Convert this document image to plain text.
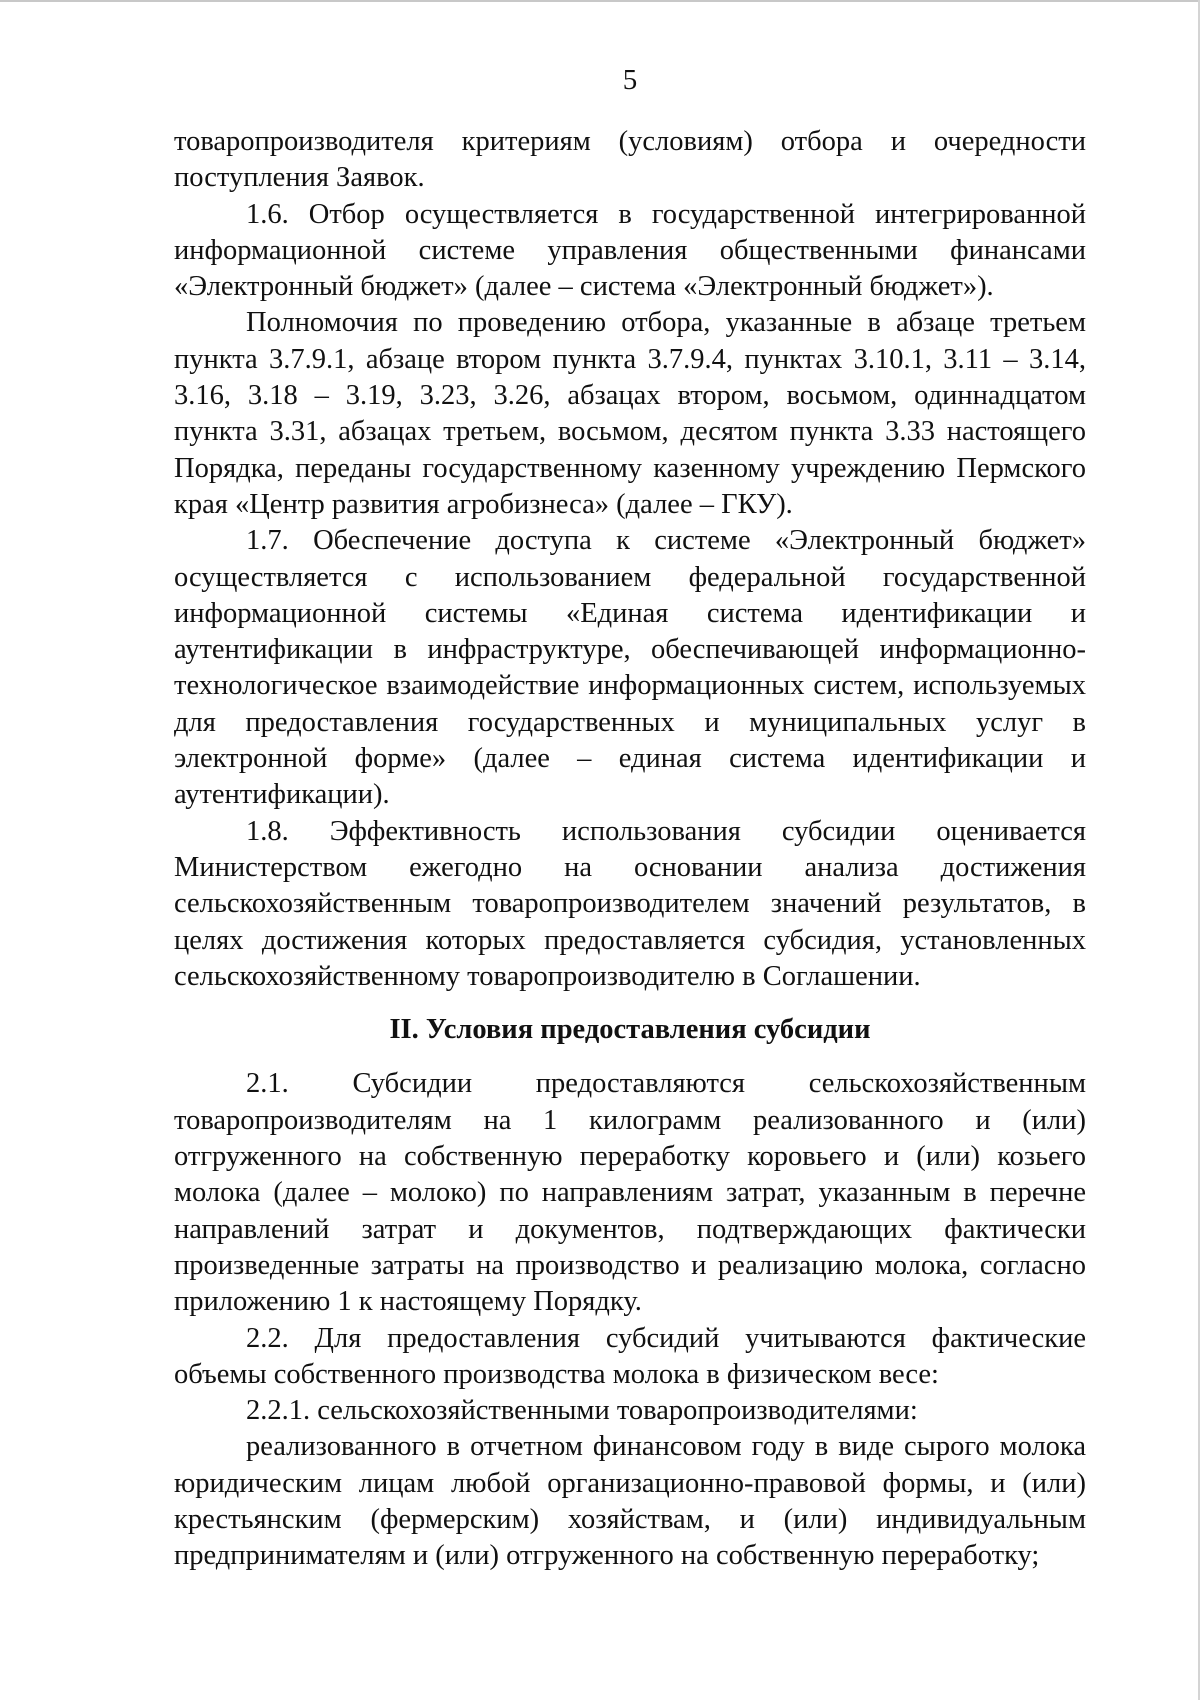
5

товаропроизводителя критериям (условиям) отбора и очередности поступления Заявок.

1.6. Отбор осуществляется в государственной интегрированной информационной системе управления общественными финансами «Электронный бюджет» (далее – система «Электронный бюджет»).

Полномочия по проведению отбора, указанные в абзаце третьем пункта 3.7.9.1, абзаце втором пункта 3.7.9.4, пунктах 3.10.1, 3.11 – 3.14, 3.16, 3.18 – 3.19, 3.23, 3.26, абзацах втором, восьмом, одиннадцатом пункта 3.31, абзацах третьем, восьмом, десятом пункта 3.33 настоящего Порядка, переданы государственному казенному учреждению Пермского края «Центр развития агробизнеса» (далее – ГКУ).

1.7. Обеспечение доступа к системе «Электронный бюджет» осуществляется с использованием федеральной государственной информационной системы «Единая система идентификации и аутентификации в инфраструктуре, обеспечивающей информационно-технологическое взаимодействие информационных систем, используемых для предоставления государственных и муниципальных услуг в электронной форме» (далее – единая система идентификации и аутентификации).

1.8. Эффективность использования субсидии оценивается Министерством ежегодно на основании анализа достижения сельскохозяйственным товаропроизводителем значений результатов, в целях достижения которых предоставляется субсидия, установленных сельскохозяйственному товаропроизводителю в Соглашении.

II. Условия предоставления субсидии

2.1. Субсидии предоставляются сельскохозяйственным товаропроизводителям на 1 килограмм реализованного и (или) отгруженного на собственную переработку коровьего и (или) козьего молока (далее – молоко) по направлениям затрат, указанным в перечне направлений затрат и документов, подтверждающих фактически произведенные затраты на производство и реализацию молока, согласно приложению 1 к настоящему Порядку.

2.2. Для предоставления субсидий учитываются фактические объемы собственного производства молока в физическом весе:

2.2.1. сельскохозяйственными товаропроизводителями:

реализованного в отчетном финансовом году в виде сырого молока юридическим лицам любой организационно-правовой формы, и (или) крестьянским (фермерским) хозяйствам, и (или) индивидуальным предпринимателям и (или) отгруженного на собственную переработку;
